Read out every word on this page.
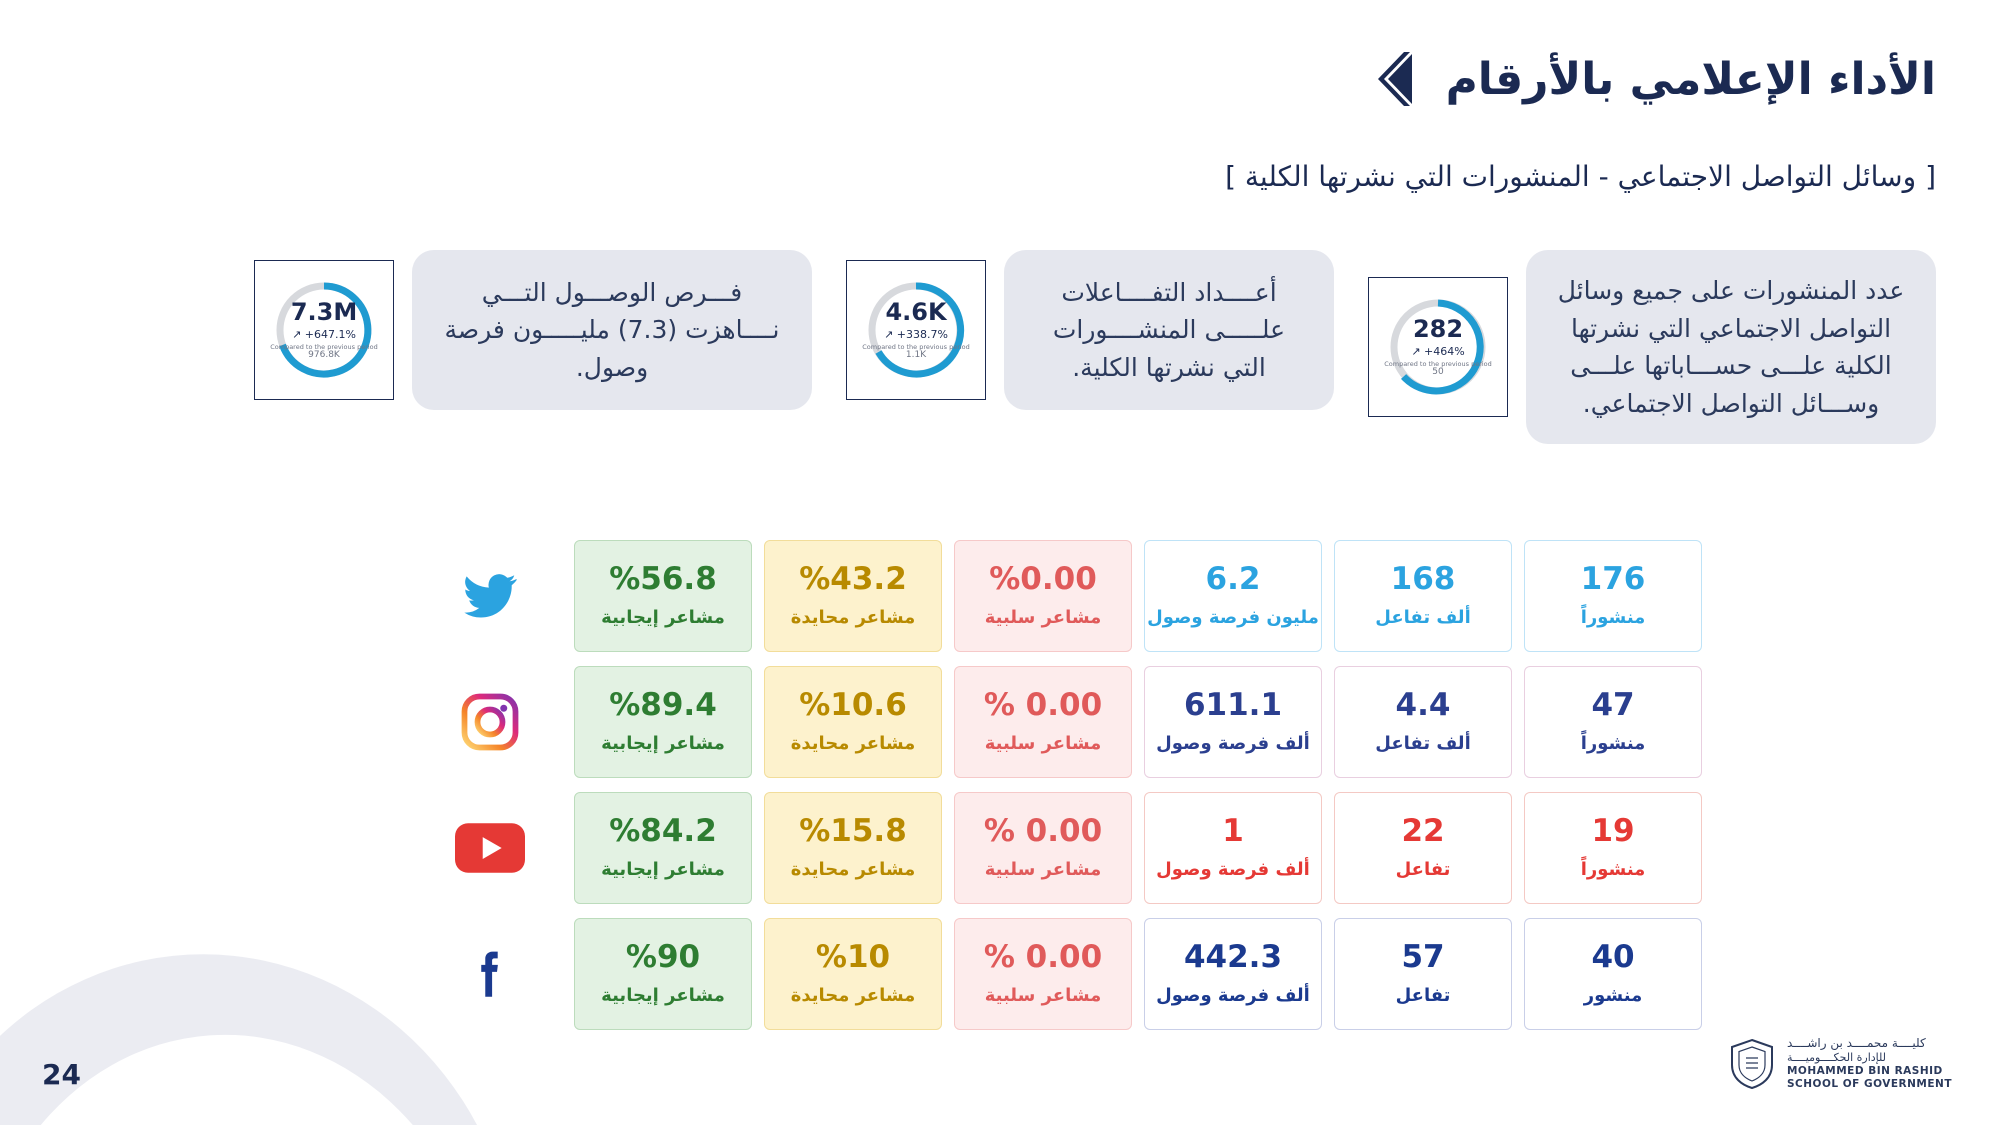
الأداء الإعلامي بالأرقام
[ وسائل التواصل الاجتماعي - المنشورات التي نشرتها الكلية ]

عدد المنشورات على جميع وسائل التواصل الاجتماعي التي نشرتها الكلية علـــى حســـاباتها علـــى وســـائل التواصل الاجتماعي.

282
↗ +464%
Compared to the previous period
50

أعــــداد التفــــاعلات علـــــى المنشــــورات التي نشرتها الكلية.

4.6K
↗ +338.7%
Compared to the previous period
1.1K

فـــرص الوصـــول التـــي نــــاهزت (7.3) مليـــــون فرصة وصول.

7.3M
↗ +647.1%
Compared to the previous period
976.8K
176
منشوراً
168
ألف تفاعل
6.2
مليون فرصة وصول
%0.00
مشاعر سلبية
%43.2
مشاعر محايدة
%56.8
مشاعر إيجابية
47
منشوراً
4.4
ألف تفاعل
611.1
ألف فرصة وصول
% 0.00
مشاعر سلبية
%10.6
مشاعر محايدة
%89.4
مشاعر إيجابية
19
منشوراً
22
تفاعل
1
ألف فرصة وصول
% 0.00
مشاعر سلبية
%15.8
مشاعر محايدة
%84.2
مشاعر إيجابية
40
منشور
57
تفاعل
442.3
ألف فرصة وصول
% 0.00
مشاعر سلبية
%10
مشاعر محايدة
%90
مشاعر إيجابية
24
كليــــة محمــــد بن راشــــد
للإدارة الحكــــوميــــة
MOHAMMED BIN RASHID
SCHOOL OF GOVERNMENT
